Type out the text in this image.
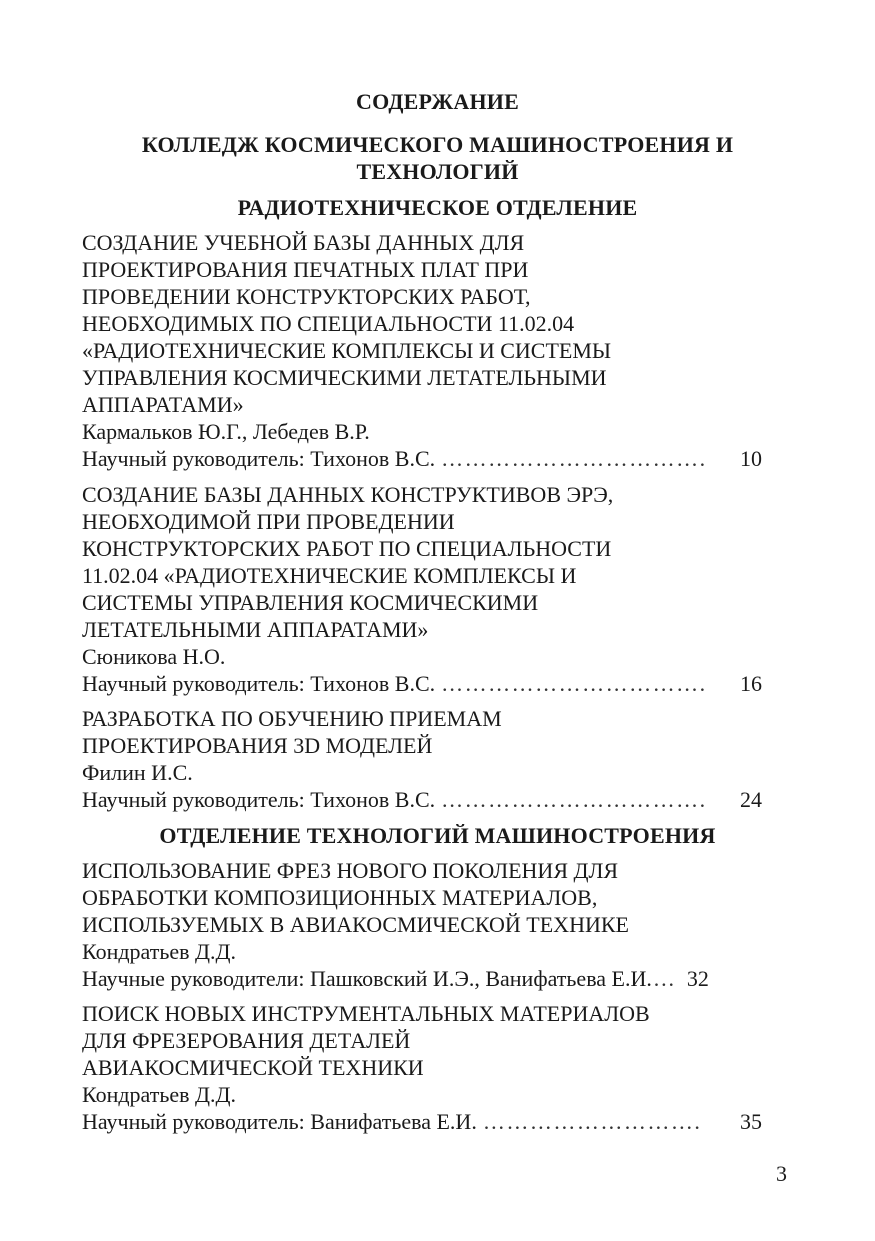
СОДЕРЖАНИЕ
КОЛЛЕДЖ КОСМИЧЕСКОГО МАШИНОСТРОЕНИЯ И
ТЕХНОЛОГИЙ
РАДИОТЕХНИЧЕСКОЕ ОТДЕЛЕНИЕ
СОЗДАНИЕ УЧЕБНОЙ БАЗЫ ДАННЫХ ДЛЯ
ПРОЕКТИРОВАНИЯ ПЕЧАТНЫХ ПЛАТ ПРИ
ПРОВЕДЕНИИ КОНСТРУКТОРСКИХ РАБОТ,
НЕОБХОДИМЫХ ПО СПЕЦИАЛЬНОСТИ 11.02.04
«РАДИОТЕХНИЧЕСКИЕ КОМПЛЕКСЫ И СИСТЕМЫ
УПРАВЛЕНИЯ КОСМИЧЕСКИМИ ЛЕТАТЕЛЬНЫМИ
АППАРАТАМИ»
Кармальков Ю.Г., Лебедев В.Р.
Научный руководитель: Тихонов В.С. …………………………….	10
СОЗДАНИЕ БАЗЫ ДАННЫХ КОНСТРУКТИВОВ ЭРЭ,
НЕОБХОДИМОЙ ПРИ ПРОВЕДЕНИИ
КОНСТРУКТОРСКИХ РАБОТ ПО СПЕЦИАЛЬНОСТИ
11.02.04 «РАДИОТЕХНИЧЕСКИЕ КОМПЛЕКСЫ И
СИСТЕМЫ УПРАВЛЕНИЯ КОСМИЧЕСКИМИ
ЛЕТАТЕЛЬНЫМИ АППАРАТАМИ»
Сюникова Н.О.
Научный руководитель: Тихонов В.С. …………………………….	16
РАЗРАБОТКА ПО ОБУЧЕНИЮ ПРИЕМАМ
ПРОЕКТИРОВАНИЯ 3D МОДЕЛЕЙ
Филин И.С.
Научный руководитель: Тихонов В.С. …………………………….	24
ОТДЕЛЕНИЕ ТЕХНОЛОГИЙ МАШИНОСТРОЕНИЯ
ИСПОЛЬЗОВАНИЕ ФРЕЗ НОВОГО ПОКОЛЕНИЯ ДЛЯ
ОБРАБОТКИ КОМПОЗИЦИОННЫХ МАТЕРИАЛОВ,
ИСПОЛЬЗУЕМЫХ В АВИАКОСМИЧЕСКОЙ ТЕХНИКЕ
Кондратьев Д.Д.
Научные руководители: Пашковский И.Э., Ванифатьева Е.И. … 32
ПОИСК НОВЫХ ИНСТРУМЕНТАЛЬНЫХ МАТЕРИАЛОВ
ДЛЯ ФРЕЗЕРОВАНИЯ ДЕТАЛЕЙ
АВИАКОСМИЧЕСКОЙ ТЕХНИКИ
Кондратьев Д.Д.
Научный руководитель: Ванифатьева Е.И. ……………………….	35
3
